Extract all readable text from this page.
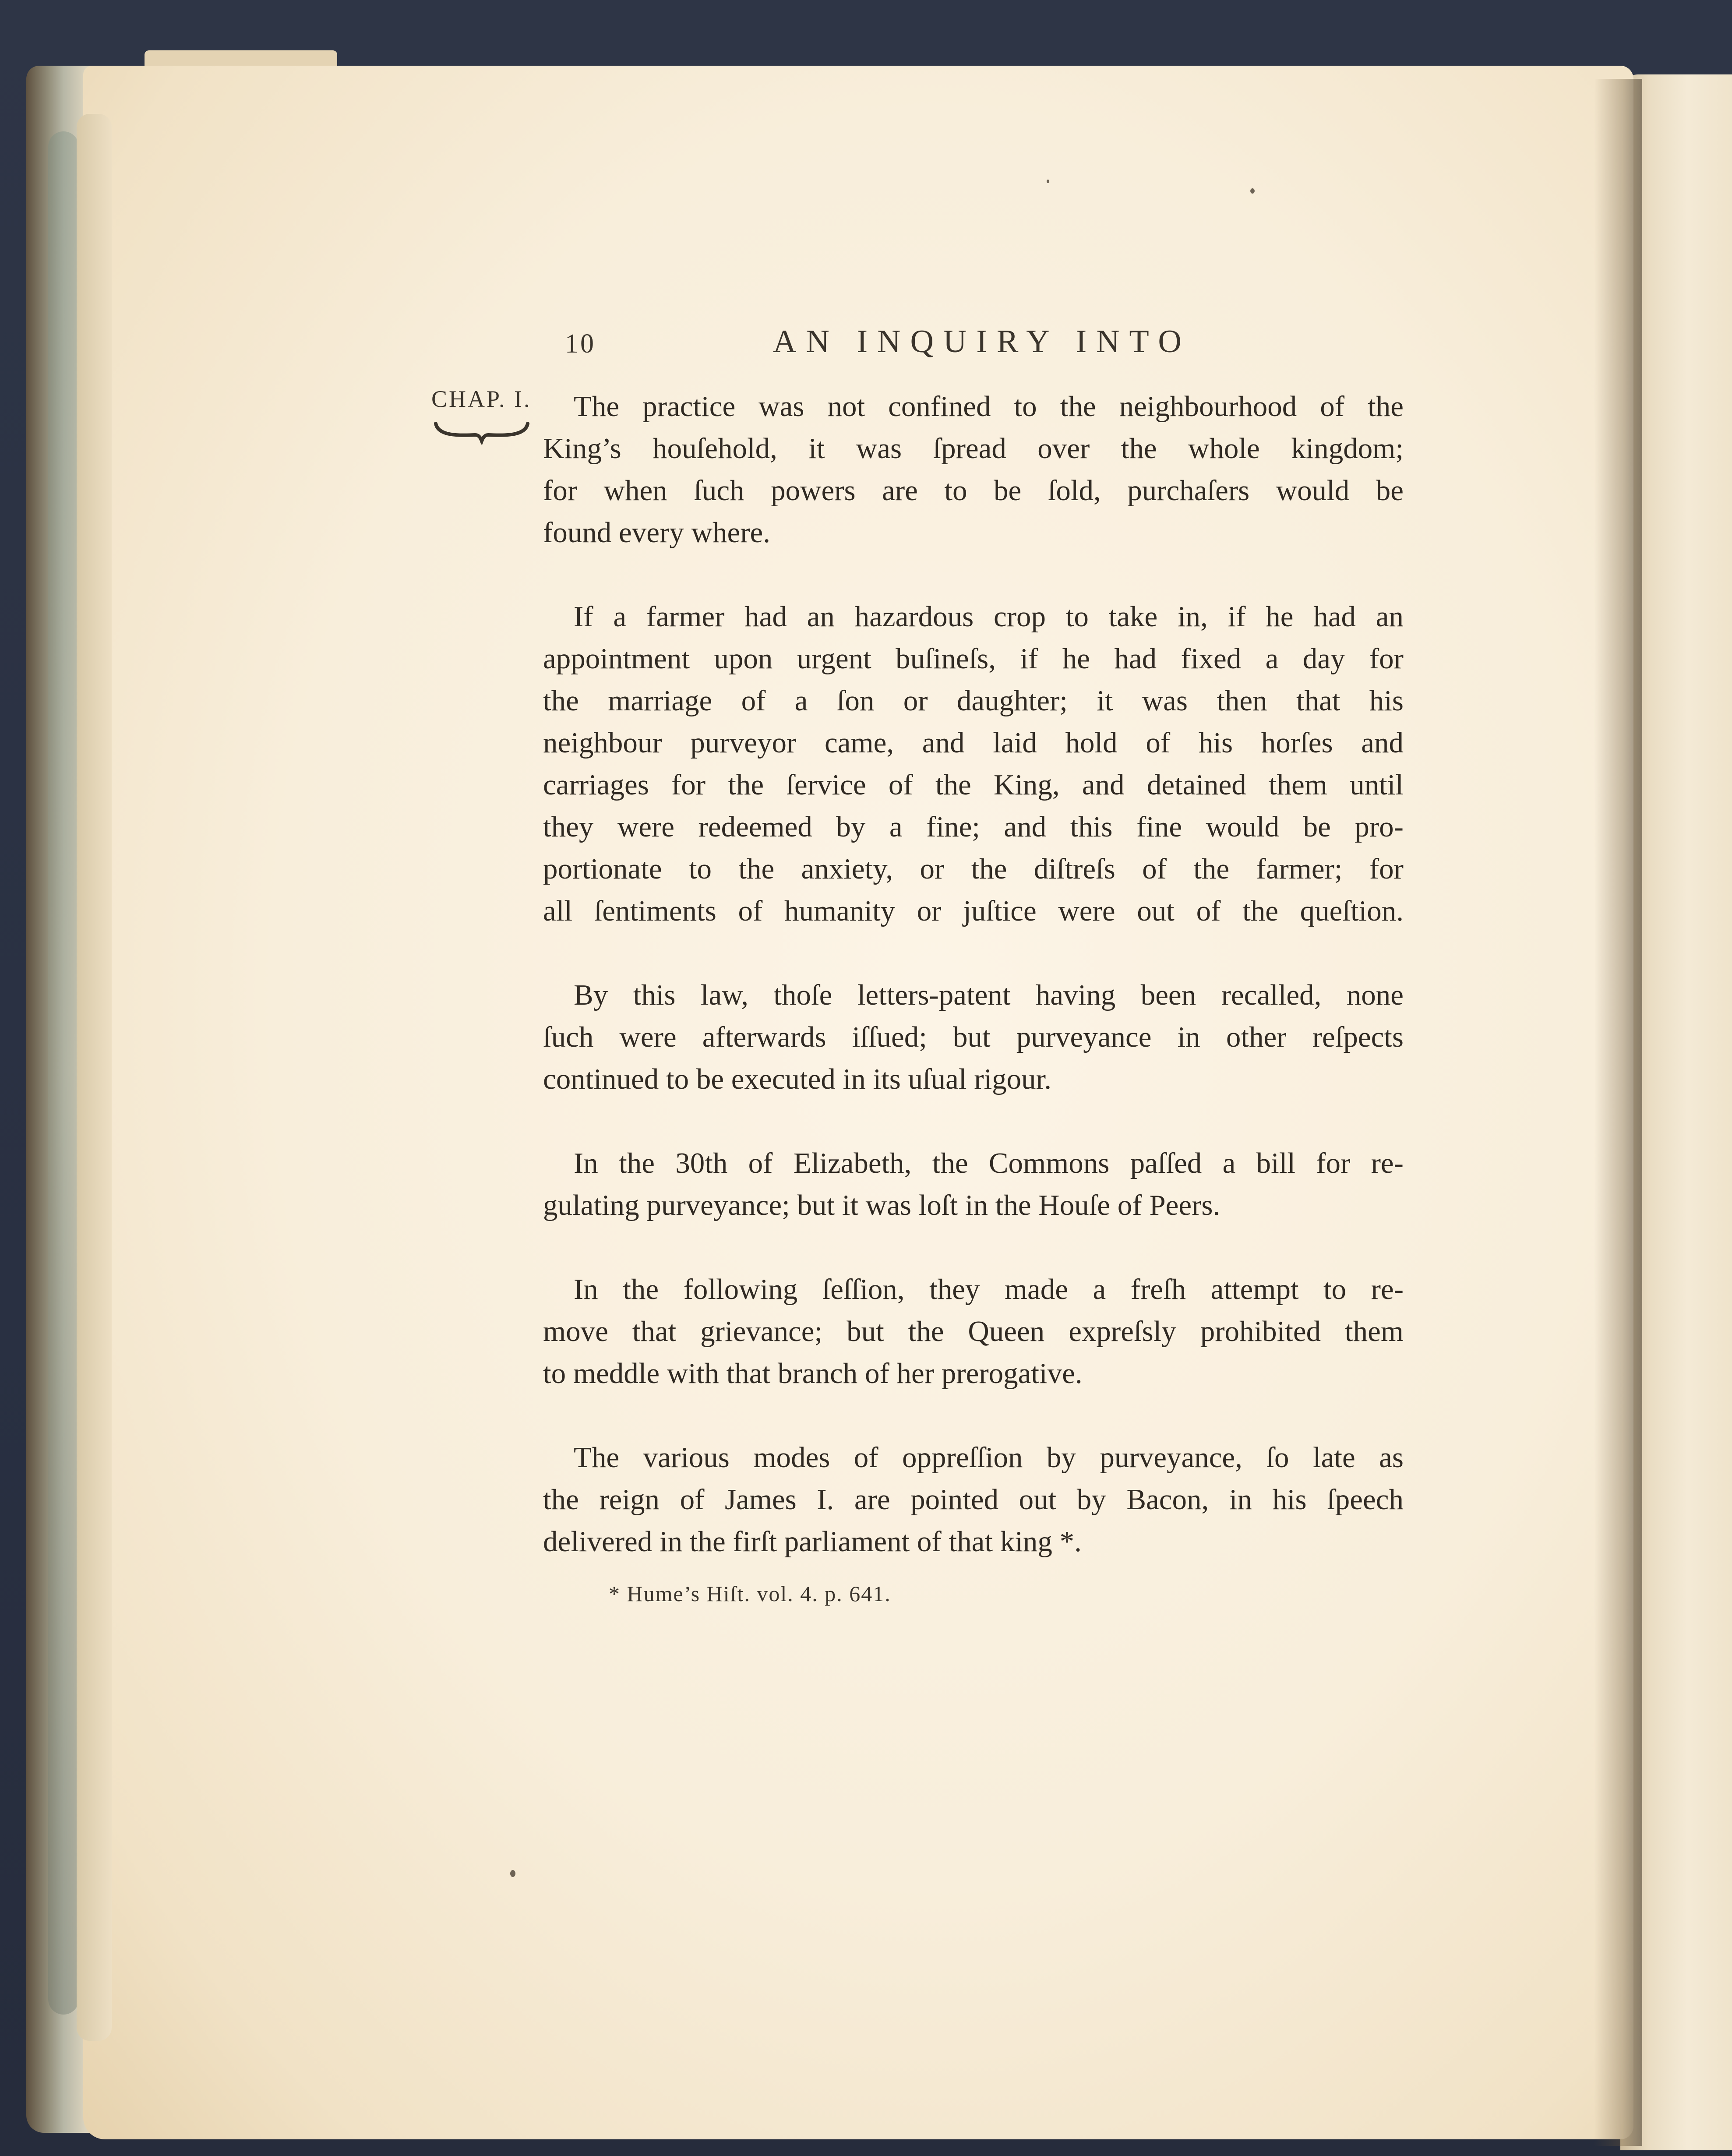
10	AN INQUIRY INTO
CHAP. I.	The practice was not confined to the neighbourhood of the
King’s houſehold, it was ſpread over the whole kingdom;
for when ſuch powers are to be ſold, purchaſers would be
found every where.

If a farmer had an hazardous crop to take in, if he had an
appointment upon urgent buſineſs, if he had fixed a day for
the marriage of a ſon or daughter; it was then that his
neighbour purveyor came, and laid hold of his horſes and
carriages for the ſervice of the King, and detained them until
they were redeemed by a fine; and this fine would be pro-
portionate to the anxiety, or the diſtreſs of the farmer; for
all ſentiments of humanity or juſtice were out of the queſtion.

By this law, thoſe letters-patent having been recalled, none
ſuch were afterwards iſſued; but purveyance in other reſpects
continued to be executed in its uſual rigour.

In the 30th of Elizabeth, the Commons paſſed a bill for re-
gulating purveyance; but it was loſt in the Houſe of Peers.

In the following ſeſſion, they made a freſh attempt to re-
move that grievance; but the Queen expreſsly prohibited them
to meddle with that branch of her prerogative.

The various modes of oppreſſion by purveyance, ſo late as
the reign of James I. are pointed out by Bacon, in his ſpeech
delivered in the firſt parliament of that king *.

* Hume’s Hiſt. vol. 4. p. 641.
